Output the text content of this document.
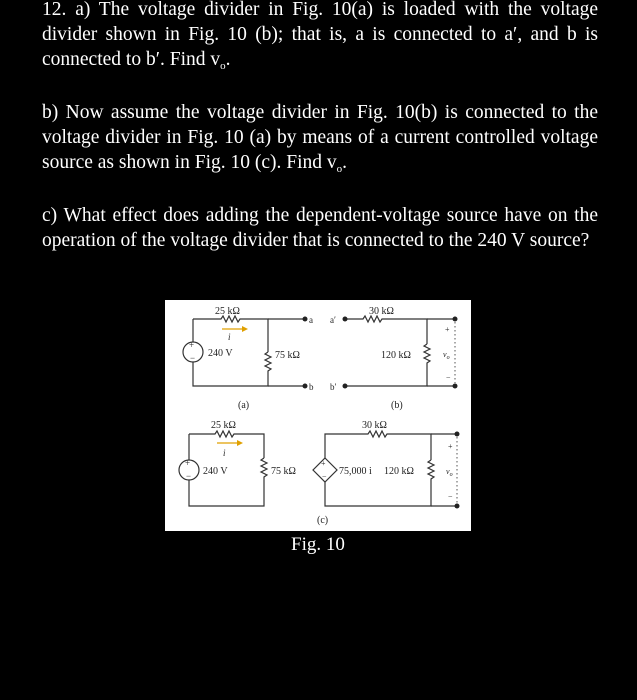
12. a) The voltage divider in Fig. 10(a) is loaded with the voltage divider shown in Fig. 10 (b); that is, a is connected to a′, and b is connected to b′. Find $v_o$.

b) Now assume the voltage divider in Fig. 10(b) is connected to the voltage divider in Fig. 10 (a) by means of a current controlled voltage source as shown in Fig. 10 (c). Find $v_o$.

c) What effect does adding the dependent-voltage source have on the operation of the voltage divider that is connected to the 240 V source?

25 kΩ
i
+
− 240 V	75 kΩ
a
b
(a)
a′
b′
30 kΩ
120 kΩ
+
$v_o$
−
(b)
25 kΩ
i
+
− 240 V	75 kΩ
+
− 75,000 i
30 kΩ
120 kΩ
+
$v_o$
−
(c)

Fig. 10
